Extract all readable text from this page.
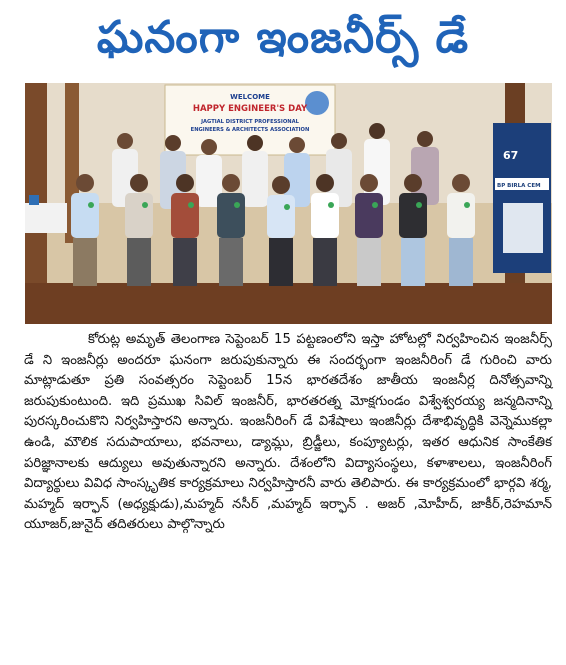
ఘనంగా ఇంజనీర్స్ డే
WELCOME
HAPPY ENGINEER'S DAY
JAGTIAL DISTRICT PROFESSIONAL
ENGINEERS & ARCHITECTS ASSOCIATION
67
BP BIRLA CEM

కోరుట్ల అమృత్ తెలంగాణ సెప్టెంబర్ 15 పట్టణంలోని ఇస్తా హోటల్లో నిర్వహించిన ఇంజనీర్స్ డే ని ఇంజనీర్లు అందరూ ఘనంగా జరుపుకున్నారు ఈ సందర్భంగా ఇంజనీరింగ్ డే గురించి వారు మాట్లాడుతూ ప్రతి సంవత్సరం సెప్టెంబర్ 15న భారతదేశం జాతీయ ఇంజనీర్ల దినోత్సవాన్ని జరుపుకుంటుంది. ఇది ప్రముఖ సివిల్ ఇంజనీర్, భారతరత్న మోక్షగుండం విశ్వేశ్వరయ్య జన్మదినాన్ని పురస్కరించుకొని నిర్వహిస్తారని అన్నారు. ఇంజనీరింగ్ డే విశేషాలు ఇంజినీర్లు దేశాభివృద్ధికి వెన్నెముకల్లా ఉండి, మౌలిక సదుపాయాలు, భవనాలు, డ్యామ్లు, బ్రిడ్జీలు, కంప్యూటర్లు, ఇతర ఆధునిక సాంకేతిక పరిజ్ఞానాలకు ఆద్యులు అవుతున్నారని అన్నారు. దేశంలోని విద్యాసంస్థలు, కళాశాలలు, ఇంజనీరింగ్ విద్యార్థులు వివిధ సాంస్కృతిక కార్యక్రమాలు నిర్వహిస్తారనీ వారు తెలిపారు. ఈ కార్యక్రమంలో భార్గవి శర్మ, మహ్మద్ ఇర్ఫాన్ (అధ్యక్షుడు),మహ్మద్ నసీర్ ,మహ్మద్ ఇర్ఫాన్ . అజర్ ,మోహీద్, జాకీర్,రెహమాన్ యూజర్,జునైద్ తదితరులు పాల్గొన్నారు
